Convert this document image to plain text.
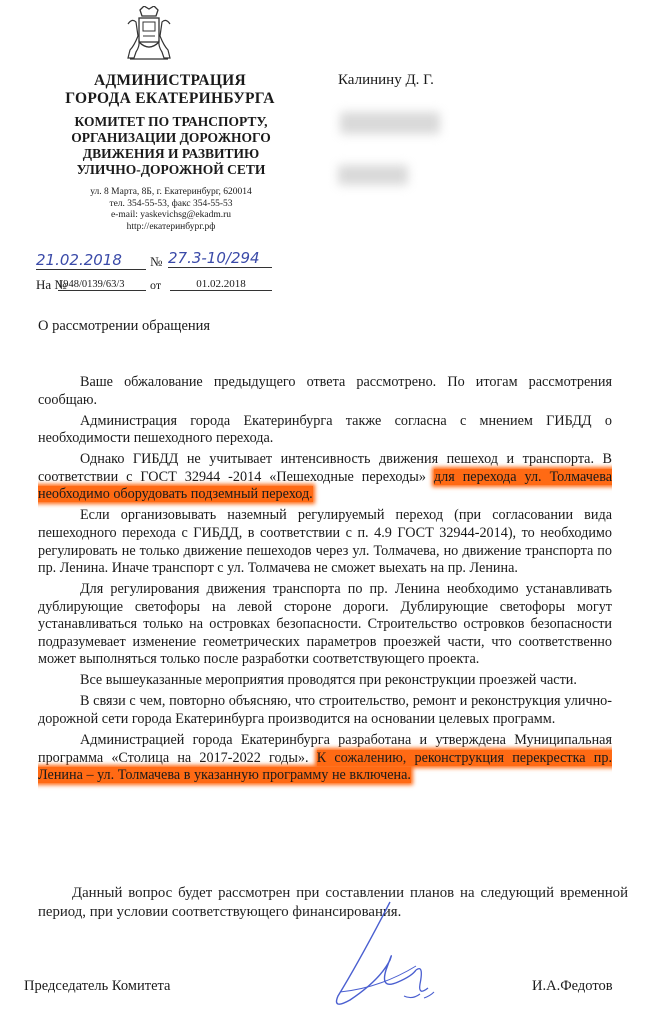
АДМИНИСТРАЦИЯ
ГОРОДА ЕКАТЕРИНБУРГА
КОМИТЕТ ПО ТРАНСПОРТУ,
ОРГАНИЗАЦИИ ДОРОЖНОГО
ДВИЖЕНИЯ И РАЗВИТИЮ
УЛИЧНО-ДОРОЖНОЙ СЕТИ
ул. 8 Марта, 8Б, г. Екатеринбург, 620014
тел. 354-55-53, факс 354-55-53
e-mail: yaskevichsg@ekadm.ru
http://екатеринбург.рф
Калинину Д. Г.
21.02.2018	№ 27.3-10/294
На №
1948/0139/63/3	от	01.02.2018
О рассмотрении обращения

Ваше обжалование предыдущего ответа рассмотрено. По итогам рассмотрения сообщаю.

Администрация города Екатеринбурга также согласна с мнением ГИБДД о необходимости пешеходного перехода.

Однако ГИБДД не учитывает интенсивность движения пешеход и транспорта. В соответствии с ГОСТ 32944 -2014 «Пешеходные переходы» для перехода ул. Толмачева необходимо оборудовать подземный переход.

Если организовывать наземный регулируемый переход (при согласовании вида пешеходного перехода с ГИБДД, в соответствии с п. 4.9 ГОСТ 32944-2014), то необходимо регулировать не только движение пешеходов через ул. Толмачева, но движение транспорта по пр. Ленина. Иначе транспорт с ул. Толмачева не сможет выехать на пр. Ленина.

Для регулирования движения транспорта по пр. Ленина необходимо устанавливать дублирующие светофоры на левой стороне дороги. Дублирующие светофоры могут устанавливаться только на островках безопасности. Строительство островков безопасности подразумевает изменение геометрических параметров проезжей части, что соответственно может выполняться только после разработки соответствующего проекта.

Все вышеуказанные мероприятия проводятся при реконструкции проезжей части.

В связи с чем, повторно объясняю, что строительство, ремонт и реконструкция улично-дорожной сети города Екатеринбурга производится на основании целевых программ.

Администрацией города Екатеринбурга разработана и утверждена Муниципальная программа «Столица на 2017-2022 годы». К сожалению, реконструкция перекрестка пр. Ленина – ул. Толмачева в указанную программу не включена.

Данный вопрос будет рассмотрен при составлении планов на следующий временной период, при условии соответствующего финансирования.

Председатель Комитета	И.А.Федотов
